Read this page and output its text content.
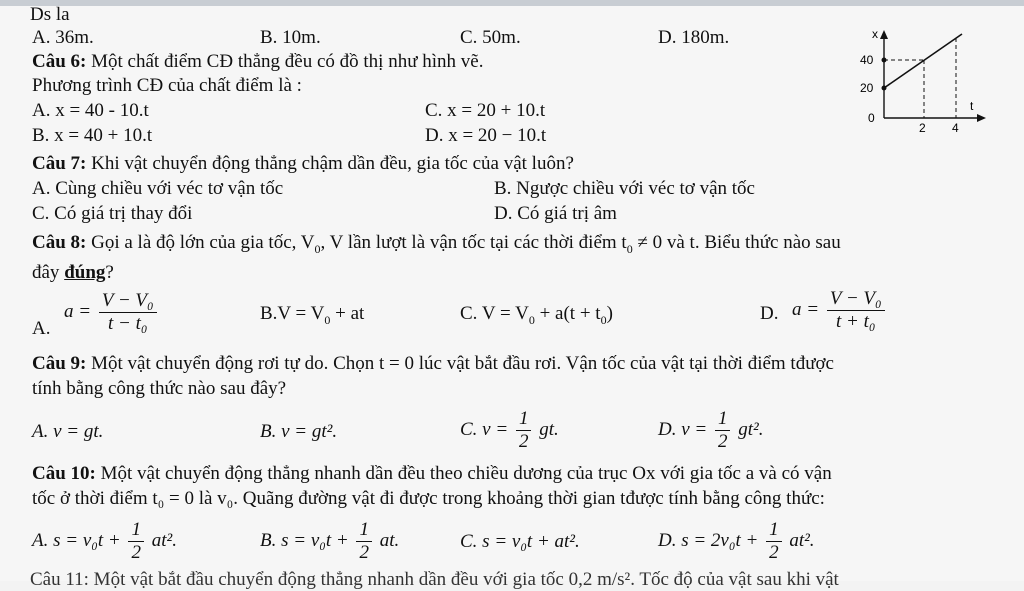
Ds la
A. 36m.	B. 10m.	C. 50m.	D. 180m.
Câu 6: Một chất điểm CĐ thẳng đều có đồ thị như hình vẽ.
Phương trình CĐ của chất điểm là :
A. x = 40 - 10.t	C. x = 20 + 10.t
B. x = 40 + 10.t	D. x = 20 − 10.t
x
t
40
20
0
2 4
Câu 7: Khi vật chuyển động thẳng chậm dần đều, gia tốc của vật luôn?
A. Cùng chiều với véc tơ vận tốc	B. Ngược chiều với véc tơ vận tốc
C. Có giá trị thay đổi	D. Có giá trị âm
Câu 8: Gọi a là độ lớn của gia tốc, $V_0$, V lần lượt là vận tốc tại các thời điểm $t_0 \ne 0$ và t. Biểu thức nào sau
đây đúng?
A.
$a = \frac{\text{V − V₀}}{\text{t − t₀}}$	$B.V = V_0$ + at	C. $V = V_0 + a(t + t_0)$	D. $a = \frac{\text{V − V₀}}{\text{t + t₀}}$
Câu 9: Một vật chuyển động rơi tự do. Chọn t = 0 lúc vật bắt đầu rơi. Vận tốc của vật tại thời điểm tđược
tính bằng công thức nào sau đây?
A. v = gt.	B. v = gt².	C. $v = \frac{1}{2}$ gt.	D. $v = \frac{1}{2} gt^2$.
Câu 10: Một vật chuyển động thẳng nhanh dần đều theo chiều dương của trục Ox với gia tốc a và có vận
tốc ở thời điểm t₀ = 0 là v₀. Quãng đường vật đi được trong khoảng thời gian tđược tính bằng công thức:
A. $s = v_0t + \frac{1}{2} at^2$.	B. $s = v_0t + \frac{1}{2}$ at.	C. s = v₀t + at².	D. $s = 2v_0t + \frac{1}{2} at^2$.
Câu 11: Một vật bắt đầu chuyển động thẳng nhanh dần đều với gia tốc 0,2 m/s². Tốc độ của vật sau khi vật
